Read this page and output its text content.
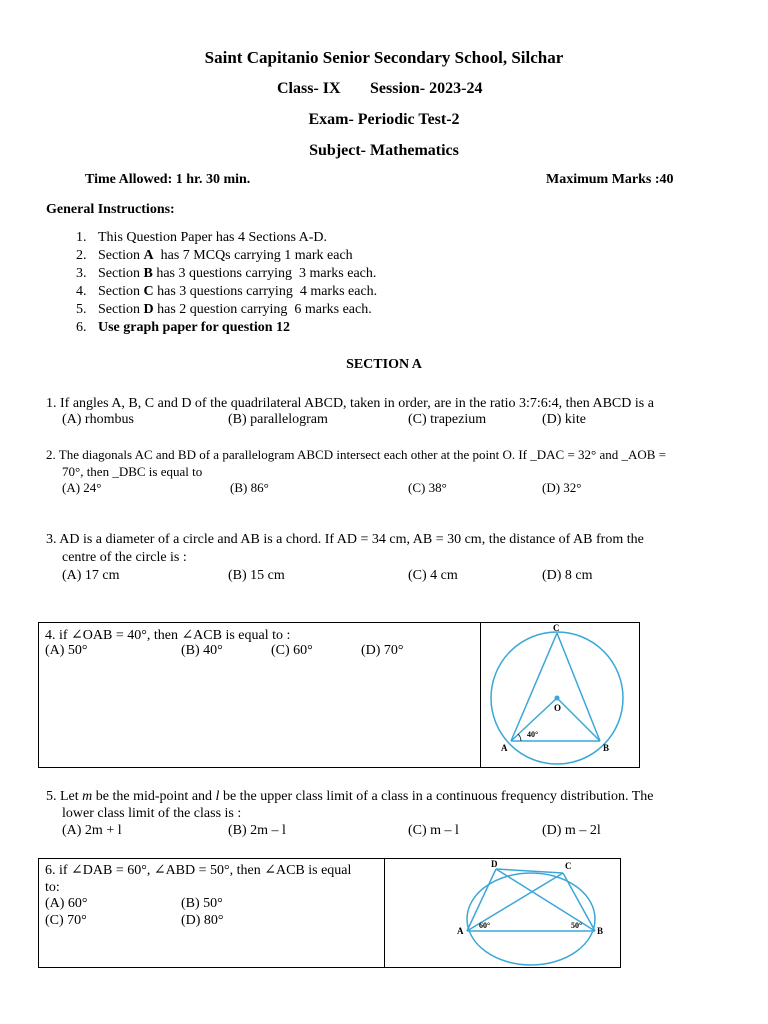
Saint Capitanio Senior Secondary School, Silchar
Class- IX Session- 2023-24
Exam- Periodic Test-2
Subject- Mathematics
Time Allowed: 1 hr. 30 min.	Maximum Marks :40
General Instructions:
1. This Question Paper has 4 Sections A-D.
2. Section A  has 7 MCQs carrying 1 mark each
3. Section B has 3 questions carrying  3 marks each.
4. Section C has 3 questions carrying  4 marks each.
5. Section D has 2 question carrying  6 marks each.
6. Use graph paper for question 12
SECTION A
1. If angles A, B, C and D of the quadrilateral ABCD, taken in order, are in the ratio 3:7:6:4, then ABCD is a
(A) rhombus	(B) parallelogram	(C) trapezium	(D) kite
2. The diagonals AC and BD of a parallelogram ABCD intersect each other at the point O. If _DAC = 32° and _AOB =
70°, then _DBC is equal to
(A) 24°	(B) 86°	(C) 38°	(D) 32°
3. AD is a diameter of a circle and AB is a chord. If AD = 34 cm, AB = 30 cm, the distance of AB from the
centre of the circle is :
(A) 17 cm	(B) 15 cm	(C) 4 cm	(D) 8 cm
4. if ∠OAB = 40°, then ∠ACB is equal to :
(A) 50°	(B) 40°	(C) 60°	(D) 70°
C
O
A	B
40°
5. Let m be the mid-point and l be the upper class limit of a class in a continuous frequency distribution. The
lower class limit of the class is :
(A) 2m + l	(B) 2m – l	(C) m – l	(D) m – 2l
6. if ∠DAB = 60°, ∠ABD = 50°, then ∠ACB is equal
to:
(A) 60°	(B) 50°
(C) 70°	(D) 80°
D	C
A	B
60°	50°
